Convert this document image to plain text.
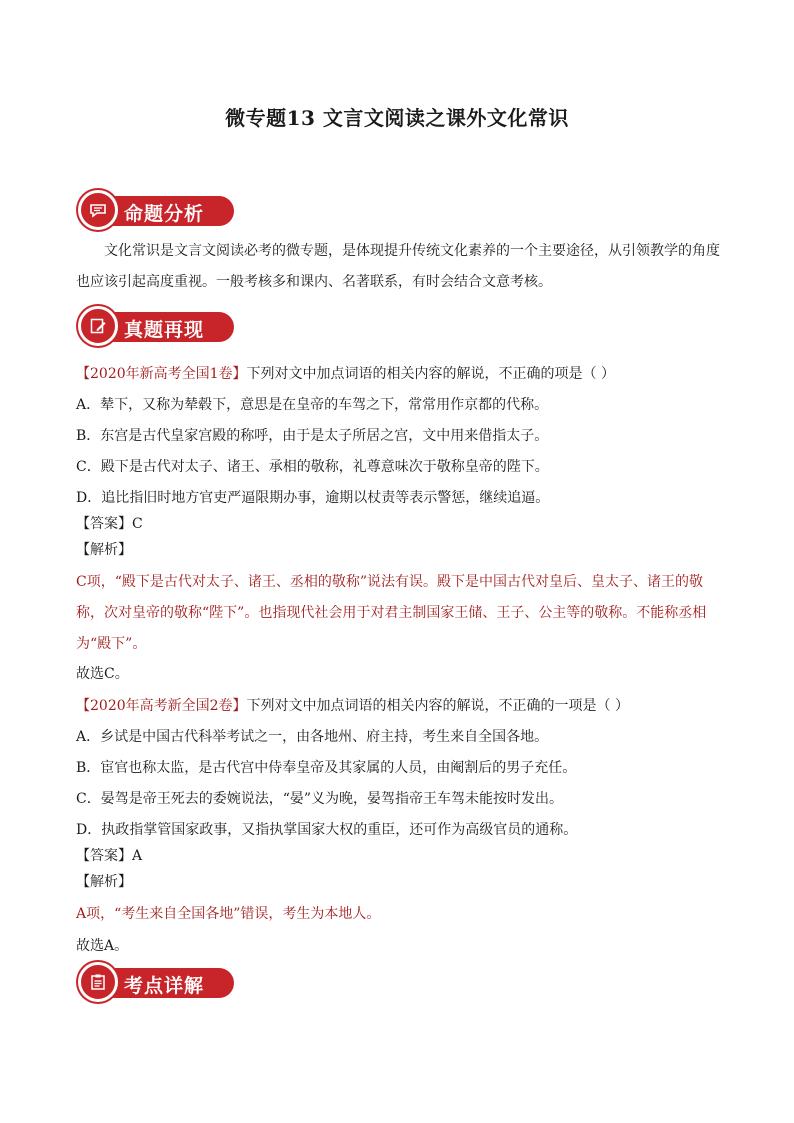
微专题13 文言文阅读之课外文化常识
命题分析
文化常识是文言文阅读必考的微专题，是体现提升传统文化素养的一个主要途径，从引领教学的角度也应该引起高度重视。一般考核多和课内、名著联系，有时会结合文意考核。
真题再现
【2020年新高考全国1卷】下列对文中加点词语的相关内容的解说，不正确的项是（ ）
A．辇下，又称为辇毂下，意思是在皇帝的车驾之下，常常用作京都的代称。
B．东宫是古代皇家宫殿的称呼，由于是太子所居之宫，文中用来借指太子。
C．殿下是古代对太子、诸王、承相的敬称，礼尊意味次于敬称皇帝的陛下。
D．追比指旧时地方官吏严逼限期办事，逾期以杖责等表示警惩，继续追逼。
【答案】C
【解析】
C项，“殿下是古代对太子、诸王、丞相的敬称”说法有误。殿下是中国古代对皇后、皇太子、诸王的敬称，次对皇帝的敬称“陛下”。也指现代社会用于对君主制国家王储、王子、公主等的敬称。不能称丞相为“殿下”。
故选C。
【2020年高考新全国2卷】下列对文中加点词语的相关内容的解说，不正确的一项是（ ）
A．乡试是中国古代科举考试之一，由各地州、府主持，考生来自全国各地。
B．宦官也称太监，是古代宫中侍奉皇帝及其家属的人员，由阉割后的男子充任。
C．晏驾是帝王死去的委婉说法，“晏”义为晚，晏驾指帝王车驾未能按时发出。
D．执政指掌管国家政事，又指执掌国家大权的重臣，还可作为高级官员的通称。
【答案】A
【解析】
A项，“考生来自全国各地”错误，考生为本地人。
故选A。
考点详解
